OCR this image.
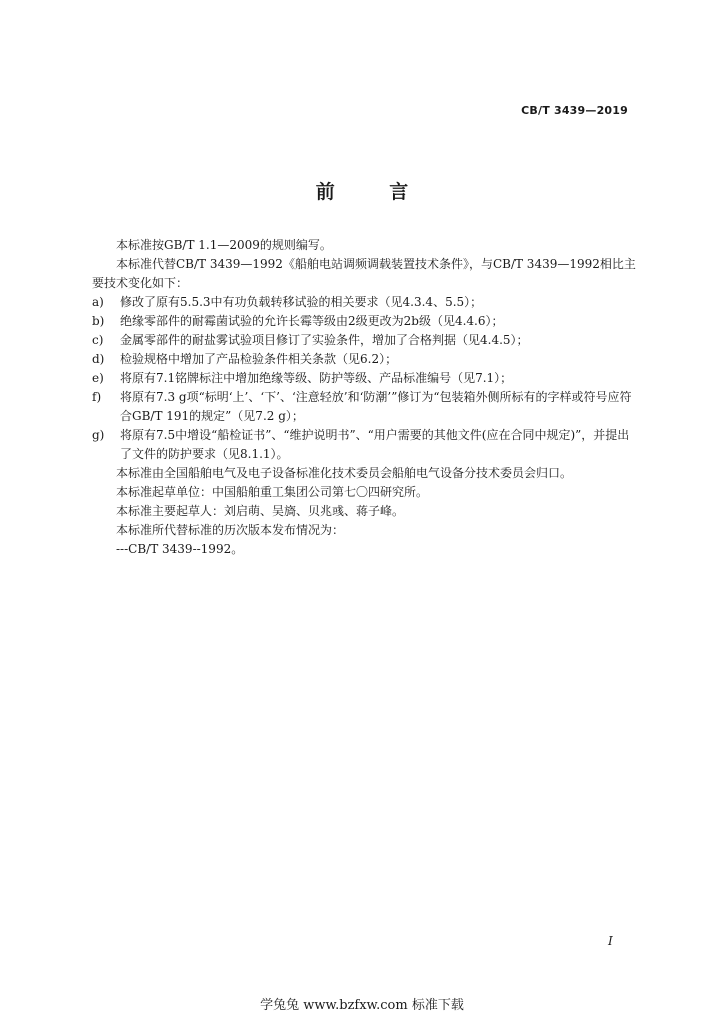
CB/T 3439—2019
前 言

本标准按GB/T 1.1—2009的规则编写。

本标准代替CB/T 3439—1992《船舶电站调频调载装置技术条件》，与CB/T 3439—1992相比主要技术变化如下：

a)	修改了原有5.5.3中有功负载转移试验的相关要求（见4.3.4、5.5）；
b)	绝缘零部件的耐霉菌试验的允许长霉等级由2级更改为2b级（见4.4.6）；
c)	金属零部件的耐盐雾试验项目修订了实验条件，增加了合格判据（见4.4.5）；
d)	检验规格中增加了产品检验条件相关条款（见6.2）；
e)	将原有7.1铭牌标注中增加绝缘等级、防护等级、产品标准编号（见7.1）；
f)	将原有7.3 g项“标明‘上’、‘下’、‘注意轻放’和‘防潮’”修订为“包装箱外侧所标有的字样或符号应符合GB/T 191的规定”（见7.2 g）；
g)	将原有7.5中增设“船检证书”、“维护说明书”、“用户需要的其他文件(应在合同中规定)”，并提出了文件的防护要求（见8.1.1）。

本标准由全国船舶电气及电子设备标准化技术委员会船舶电气设备分技术委员会归口。

本标准起草单位：中国船舶重工集团公司第七〇四研究所。

本标准主要起草人：刘启萌、吴旖、贝兆彧、蒋子峰。

本标准所代替标准的历次版本发布情况为：

---CB/T 3439--1992。

I
学兔兔 www.bzfxw.com 标准下载
